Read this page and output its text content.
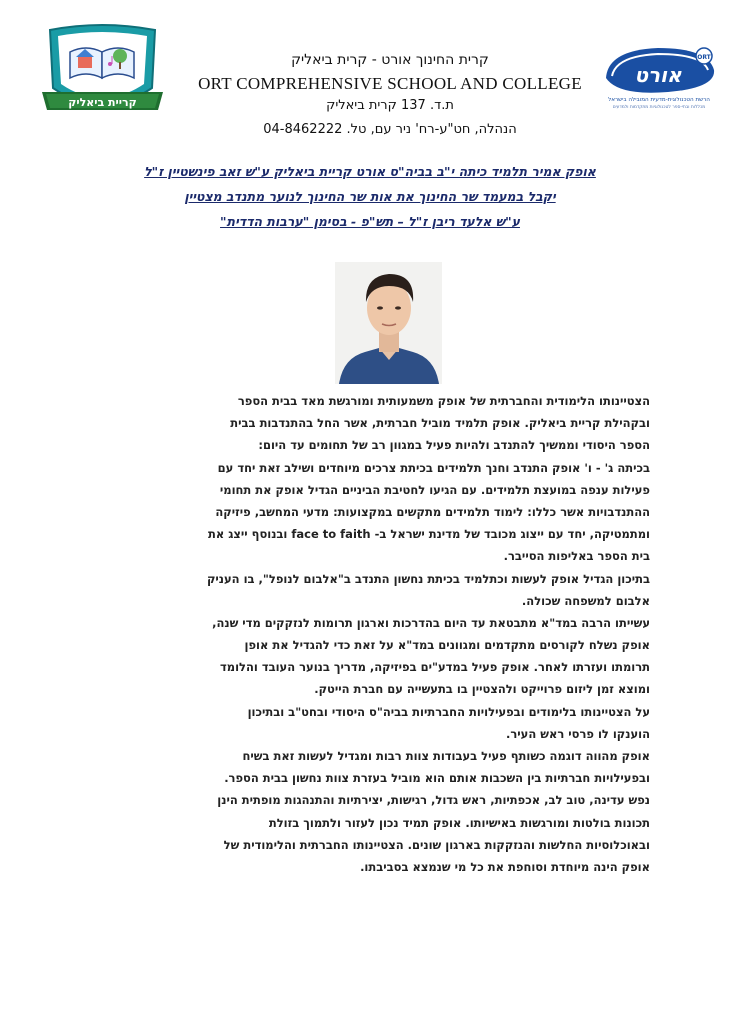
קריית ביאליק
אורט
ORT
הרשת הטכנולוגית-מדעית המובילה בישראל
מכללות ובתי-ספר לטכנולוגיות מתקדמות ולמדעים
קרית החינוך אורט - קרית ביאליק
ORT COMPREHENSIVE SCHOOL AND COLLEGE
ת.ד. 137 קרית ביאליק
הנהלה, חט"ע-רח' ניר עם, טל. 04-8462222
אופק אמיר תלמיד כיתה י"ב בביה"ס אורט קריית ביאליק ע"ש זאב פינשטיין ז"ל
יקבל במעמד שר החינוך את אות שר החינוך לנוער מתנדב מצטיין
ע"ש אלעד ריבן ז"ל – תש"פ - בסימן "ערבות הדדית"
הצטיינותו הלימודית והחברתית של אופק משמעותית ומורגשת מאד בבית הספר
ובקהילת קריית ביאליק. אופק תלמיד מוביל חברתית, אשר החל בהתנדבות בבית
הספר היסודי וממשיך להתנדב ולהיות פעיל במגוון רב של תחומים עד היום:
בכיתה ג' - ו' אופק התנדב וחנך תלמידים בכיתת צרכים מיוחדים ושילב זאת יחד עם
פעילות ענפה במועצת תלמידים. עם הגיעו לחטיבת הביניים הגדיל אופק את תחומי
ההתנדבויות אשר כללו: לימוד תלמידים מתקשים במקצועות: מדעי המחשב, פיזיקה
ומתמטיקה, יחד עם ייצוג מכובד של מדינת ישראל ב- face to faith ובנוסף ייצג את
בית הספר באליפות הסייבר.
בתיכון הגדיל אופק לעשות וכתלמיד בכיתת נחשון התנדב ב"אלבום לנופל", בו העניק
אלבום למשפחה שכולה.
עשייתו הרבה במד"א מתבטאת עד היום בהדרכות וארגון תרומות לנזקקים מדי שנה,
אופק נשלח לקורסים מתקדמים ומגוונים במד"א על זאת כדי להגדיל את אופן
תרומתו ועזרתו לאחר. אופק פעיל במדע"ים בפיזיקה, מדריך בנוער העובד והלומד
ומוצא זמן ליזום פרוייקט ולהצטיין בו בתעשייה עם חברת הייטק.
על הצטיינותו בלימודים ובפעילויות החברתיות בביה"ס היסודי ובחט"ב ובתיכון
הוענקו לו פרסי ראש העיר.
אופק מהווה דוגמה כשותף פעיל בעבודות צוות רבות ומגדיל לעשות זאת בשיח
ובפעילויות חברתיות בין השכבות אותם הוא מוביל בעזרת צוות נחשון בבית הספר.
נפש עדינה, טוב לב, אכפתיות, ראש גדול, רגישות, יצירתיות והתנהגות מופתית הינן
תכונות בולטות ומורגשות באישיותו. אופק תמיד נכון לעזור ולתמוך בזולת
ובאוכלוסיות החלשות והנזקקות בארגון שונים. הצטיינותו החברתית והלימודית של
אופק הינה מיוחדת וסוחפת את כל מי שנמצא בסביבתו.
